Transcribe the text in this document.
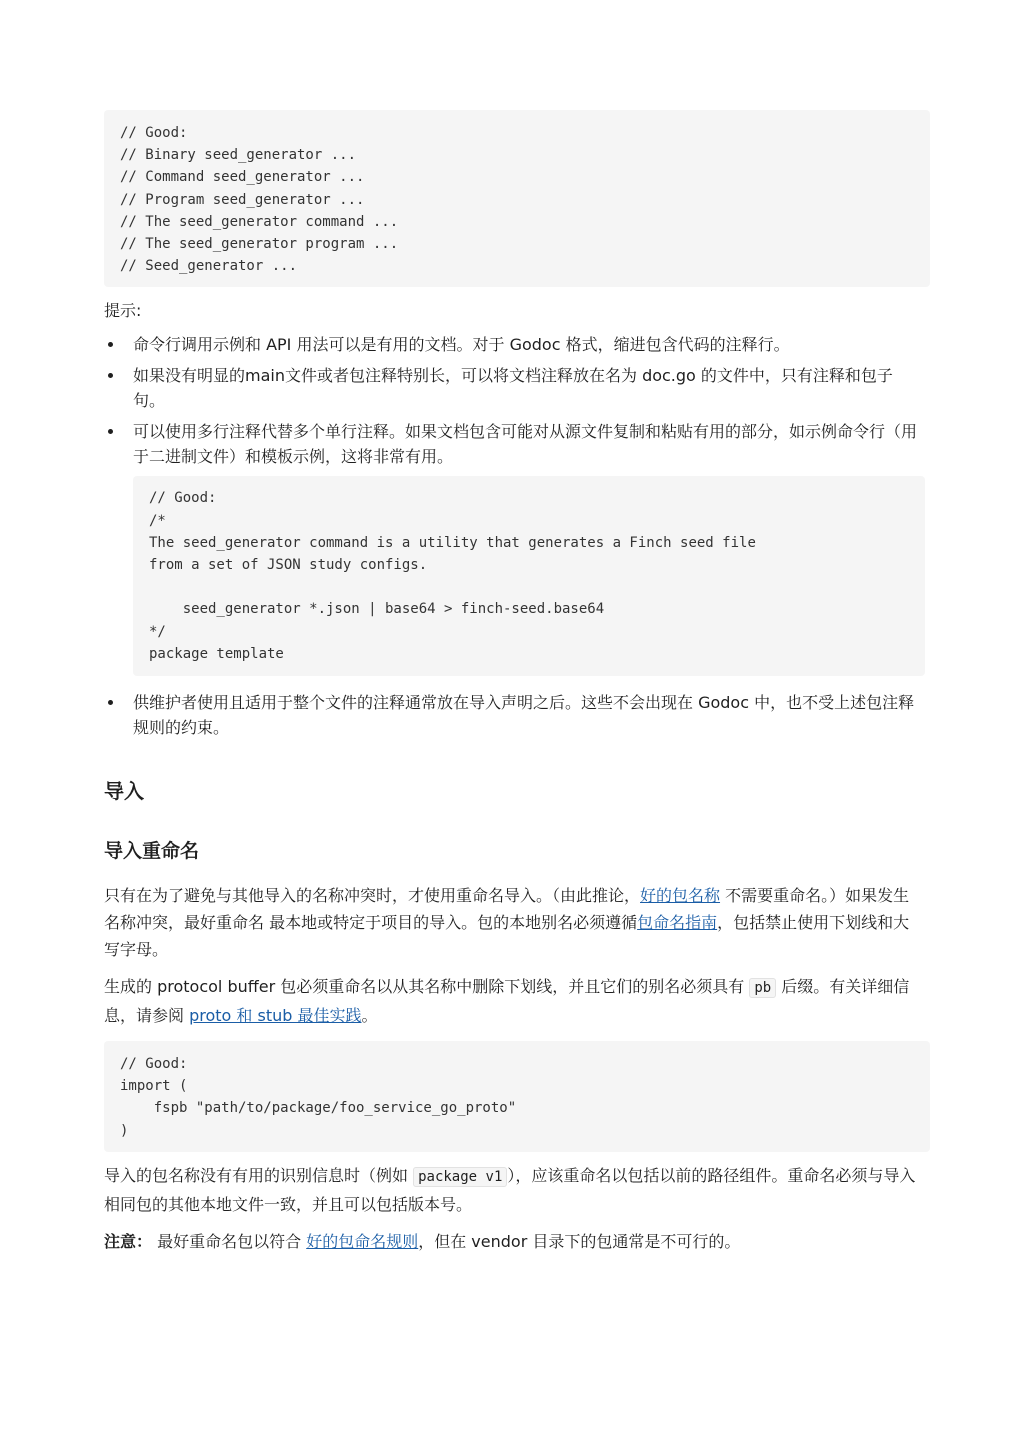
// Good:
// Binary seed_generator ...
// Command seed_generator ...
// Program seed_generator ...
// The seed_generator command ...
// The seed_generator program ...
// Seed_generator ...

提示:

命令行调用示例和 API 用法可以是有用的文档。对于 Godoc 格式，缩进包含代码的注释行。
如果没有明显的main文件或者包注释特别长，可以将文档注释放在名为 doc.go 的文件中，只有注释和包子句。
可以使用多行注释代替多个单行注释。如果文档包含可能对从源文件复制和粘贴有用的部分，如示例命令行（用于二进制文件）和模板示例，这将非常有用。
// Good:
/*
The seed_generator command is a utility that generates a Finch seed file
from a set of JSON study configs.

seed_generator *.json | base64 > finch-seed.base64
*/
package template
供维护者使用且适用于整个文件的注释通常放在导入声明之后。这些不会出现在 Godoc 中，也不受上述包注释规则的约束。
导入
导入重命名

只有在为了避免与其他导入的名称冲突时，才使用重命名导入。（由此推论，好的包名称 不需要重命名。）如果发生名称冲突，最好重命名 最本地或特定于项目的导入。包的本地别名必须遵循包命名指南，包括禁止使用下划线和大写字母。

生成的 protocol buffer 包必须重命名以从其名称中删除下划线，并且它们的别名必须具有 pb 后缀。有关详细信息，请参阅 proto 和 stub 最佳实践。

// Good:
import (
fspb "path/to/package/foo_service_go_proto"
)

导入的包名称没有有用的识别信息时（例如 package v1 ），应该重命名以包括以前的路径组件。重命名必须与导入相同包的其他本地文件一致，并且可以包括版本号。

注意： 最好重命名包以符合 好的包命名规则，但在 vendor 目录下的包通常是不可行的。
